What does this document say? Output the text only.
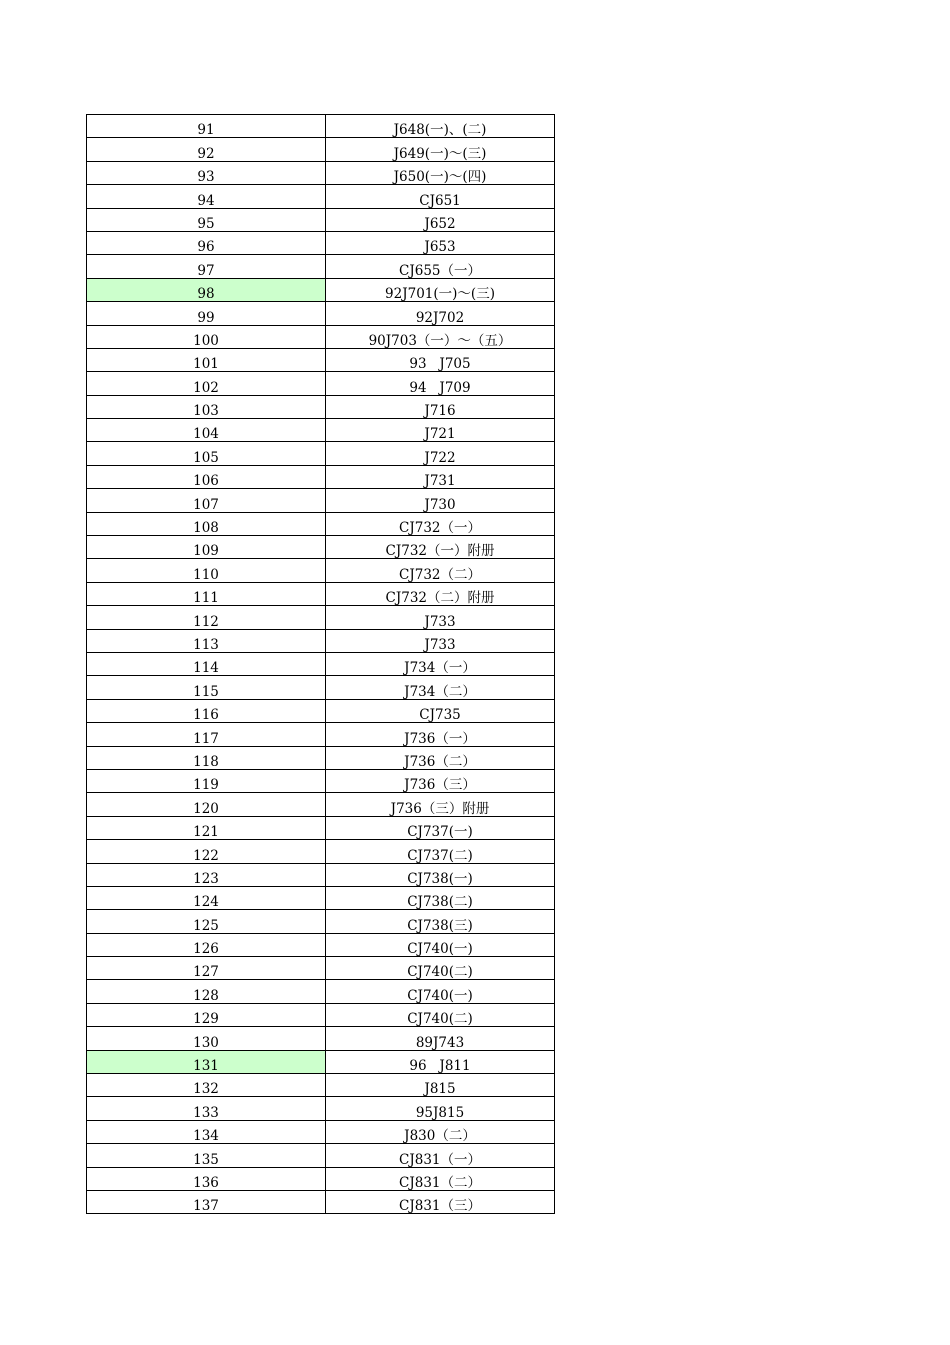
91	J648(一)、(二)
92	J649(一)～(三)
93	J650(一)～(四)
94	CJ651
95	J652
96	J653
97	CJ655（一）
98	92J701(一)～(三)
99	92J702
100	90J703（一）～（五）
101	93   J705
102	94   J709
103	J716
104	J721
105	J722
106	J731
107	J730
108	CJ732（一）
109	CJ732（一）附册
110	CJ732（二）
111	CJ732（二）附册
112	J733
113	J733
114	J734（一）
115	J734（二）
116	CJ735
117	J736（一）
118	J736（二）
119	J736（三）
120	J736（三）附册
121	CJ737(一)
122	CJ737(二)
123	CJ738(一)
124	CJ738(二)
125	CJ738(三)
126	CJ740(一)
127	CJ740(二)
128	CJ740(一)
129	CJ740(二)
130	89J743
131	96   J811
132	J815
133	95J815
134	J830（二）
135	CJ831（一）
136	CJ831（二）
137	CJ831（三）
